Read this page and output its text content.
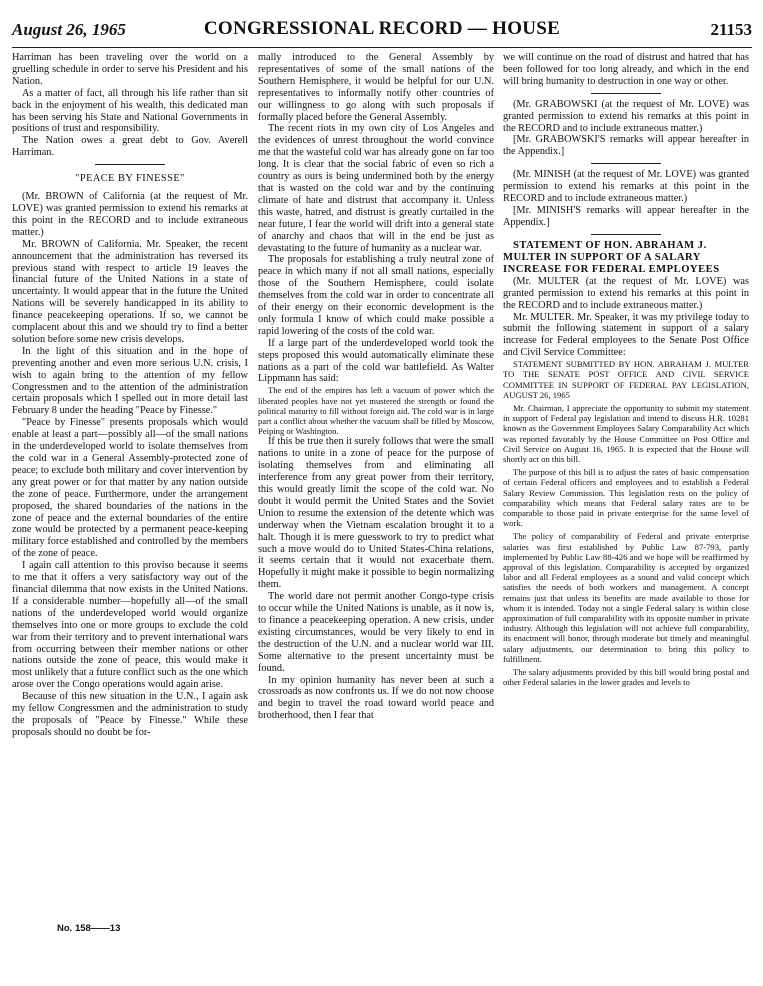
August 26, 1965	CONGRESSIONAL RECORD — HOUSE	21153

Harriman has been traveling over the world on a gruelling schedule in order to serve his President and his Nation.

As a matter of fact, all through his life rather than sit back in the enjoyment of his wealth, this dedicated man has been serving his State and National Governments in positions of trust and responsibility.

The Nation owes a great debt to Gov. Averell Harriman.

"PEACE BY FINESSE"

(Mr. BROWN of California (at the request of Mr. LOVE) was granted permission to extend his remarks at this point in the RECORD and to include extraneous matter.)

Mr. BROWN of California. Mr. Speaker, the recent announcement that the administration has reversed its previous stand with respect to article 19 leaves the financial future of the United Nations in a state of uncertainty. It would appear that in the future the United Nations will be severely handicapped in its ability to finance peacekeeping operations. If so, we cannot be complacent about this and we should try to find a better solution before some new crisis develops.

In the light of this situation and in the hope of preventing another and even more serious U.N. crisis, I wish to again bring to the attention of my fellow Congressmen and to the attention of the administration certain proposals which I spelled out in more detail last February 8 under the heading "Peace by Finesse."

"Peace by Finesse" presents proposals which would enable at least a part—possibly all—of the small nations in the underdeveloped world to isolate themselves from the cold war in a General Assembly-protected zone of peace; to exclude both military and cover intervention by any great power or for that matter by any nation outside the zone of peace. Furthermore, under the arrangement proposed, the shared boundaries of the nations in the zone of peace and the external boundaries of the entire zone would be protected by a permanent peace-keeping military force established and controlled by the members of the zone of peace.

I again call attention to this proviso because it seems to me that it offers a very satisfactory way out of the financial dilemma that now exists in the United Nations. If a considerable number—hopefully all—of the small nations of the underdeveloped world would organize themselves into one or more groups to exclude the cold war from their territory and to prevent international wars from occurring between their member nations or other nations outside the zone of peace, this would make it most unlikely that a future conflict such as the one which arose over the Congo operations would again arise.

Because of this new situation in the U.N., I again ask my fellow Congressmen and the administration to study the proposals of "Peace by Finesse." While these proposals should no doubt be for-

mally introduced to the General Assembly by representatives of some of the small nations of the Southern Hemisphere, it would be helpful for our U.N. representatives to informally notify other countries of our willingness to go along with such proposals if formally placed before the General Assembly.

The recent riots in my own city of Los Angeles and the evidences of unrest throughout the world convince me that the wasteful cold war has already gone on far too long. It is clear that the social fabric of even so rich a country as ours is being undermined both by the energy that is wasted on the cold war and by the continuing climate of hate and distrust that accompany it. Unless this waste, hatred, and distrust is greatly curtailed in the near future, I fear the world will drift into a general state of anarchy and chaos that will in the end be just as devastating to the future of humanity as a nuclear war.

The proposals for establishing a truly neutral zone of peace in which many if not all small nations, especially those of the Southern Hemisphere, could isolate themselves from the cold war in order to concentrate all of their energy on their economic development is the only formula I know of which could make possible a rapid lowering of the costs of the cold war.

If a large part of the underdeveloped world took the steps proposed this would automatically eliminate these nations as a part of the cold war battlefield. As Walter Lippmann has said:

The end of the empires has left a vacuum of power which the liberated peoples have not yet mustered the strength or found the political maturity to fill without foreign aid. The cold war is in large part a conflict about whether the vacuum shall be filled by Moscow, Peiping or Washington.

If this be true then it surely follows that were the small nations to unite in a zone of peace for the purpose of isolating themselves from and eliminating all interference from any great power from their territory, this would greatly limit the scope of the cold war. No doubt it would permit the United States and the Soviet Union to resume the extension of the detente which was underway when the Vietnam escalation brought it to a halt. Though it is mere guesswork to try to predict what such a move would do to United States-China relations, it seems certain that it would not exacerbate them. Hopefully it might make it possible to begin normalizing them.

The world dare not permit another Congo-type crisis to occur while the United Nations is unable, as it now is, to finance a peacekeeping operation. A new crisis, under existing circumstances, would be very likely to end in the destruction of the U.N. and a nuclear world war III. Some alternative to the present uncertainty must be found.

In my opinion humanity has never been at such a crossroads as now confronts us. If we do not now choose and begin to travel the road toward world peace and brotherhood, then I fear that

we will continue on the road of distrust and hatred that has been followed for too long already, and which in the end will bring humanity to destruction in one way or other.

(Mr. GRABOWSKI (at the request of Mr. LOVE) was granted permission to extend his remarks at this point in the RECORD and to include extraneous matter.)

[Mr. GRABOWSKI'S remarks will appear hereafter in the Appendix.]

(Mr. MINISH (at the request of Mr. LOVE) was granted permission to extend his remarks at this point in the RECORD and to include extraneous matter.)

[Mr. MINISH'S remarks will appear hereafter in the Appendix.]

STATEMENT OF HON. ABRAHAM J. MULTER IN SUPPORT OF A SALARY INCREASE FOR FEDERAL EMPLOYEES

(Mr. MULTER (at the request of Mr. LOVE) was granted permission to extend his remarks at this point in the RECORD and to include extraneous matter.)

Mr. MULTER. Mr. Speaker, it was my privilege today to submit the following statement in support of a salary increase for Federal employees to the Senate Post Office and Civil Service Committee:

STATEMENT SUBMITTED BY HON. ABRAHAM J. MULTER TO THE SENATE POST OFFICE AND CIVIL SERVICE COMMITTEE IN SUPPORT OF FEDERAL PAY LEGISLATION, AUGUST 26, 1965

Mr. Chairman, I appreciate the opportunity to submit my statement in support of Federal pay legislation and intend to discuss H.R. 10281 known as the Government Employees Salary Comparability Act which was reported favorably by the House Committee on Post Office and Civil Service on August 16, 1965. It is expected that the House will shortly act on this bill.

The purpose of this bill is to adjust the rates of basic compensation of certain Federal officers and employees and to establish a Federal Salary Review Commission. This legislation rests on the policy of comparability which means that Federal salary rates are to be comparable to those paid in private enterprise for the same level of work.

The policy of comparability of Federal and private enterprise salaries was first established by Public Law 87-793, partly implemented by Public Law 88-426 and we hope will be reaffirmed by approval of this legislation. Comparability is accepted by organized labor and all Federal employees as a sound and valid concept which satisfies the needs of both workers and management. A concept remains just that unless its benefits are made available to those for whom it is intended. Today not a single Federal salary is within close approximation of full comparability with its opposite number in private industry. Although this legislation will not achieve full comparability, its enactment will honor, through moderate but timely and meaningful salary adjustments, our determination to bring this policy to fulfillment.

The salary adjustments provided by this bill would bring postal and other Federal salaries in the lower grades and levels to

No. 158——13
